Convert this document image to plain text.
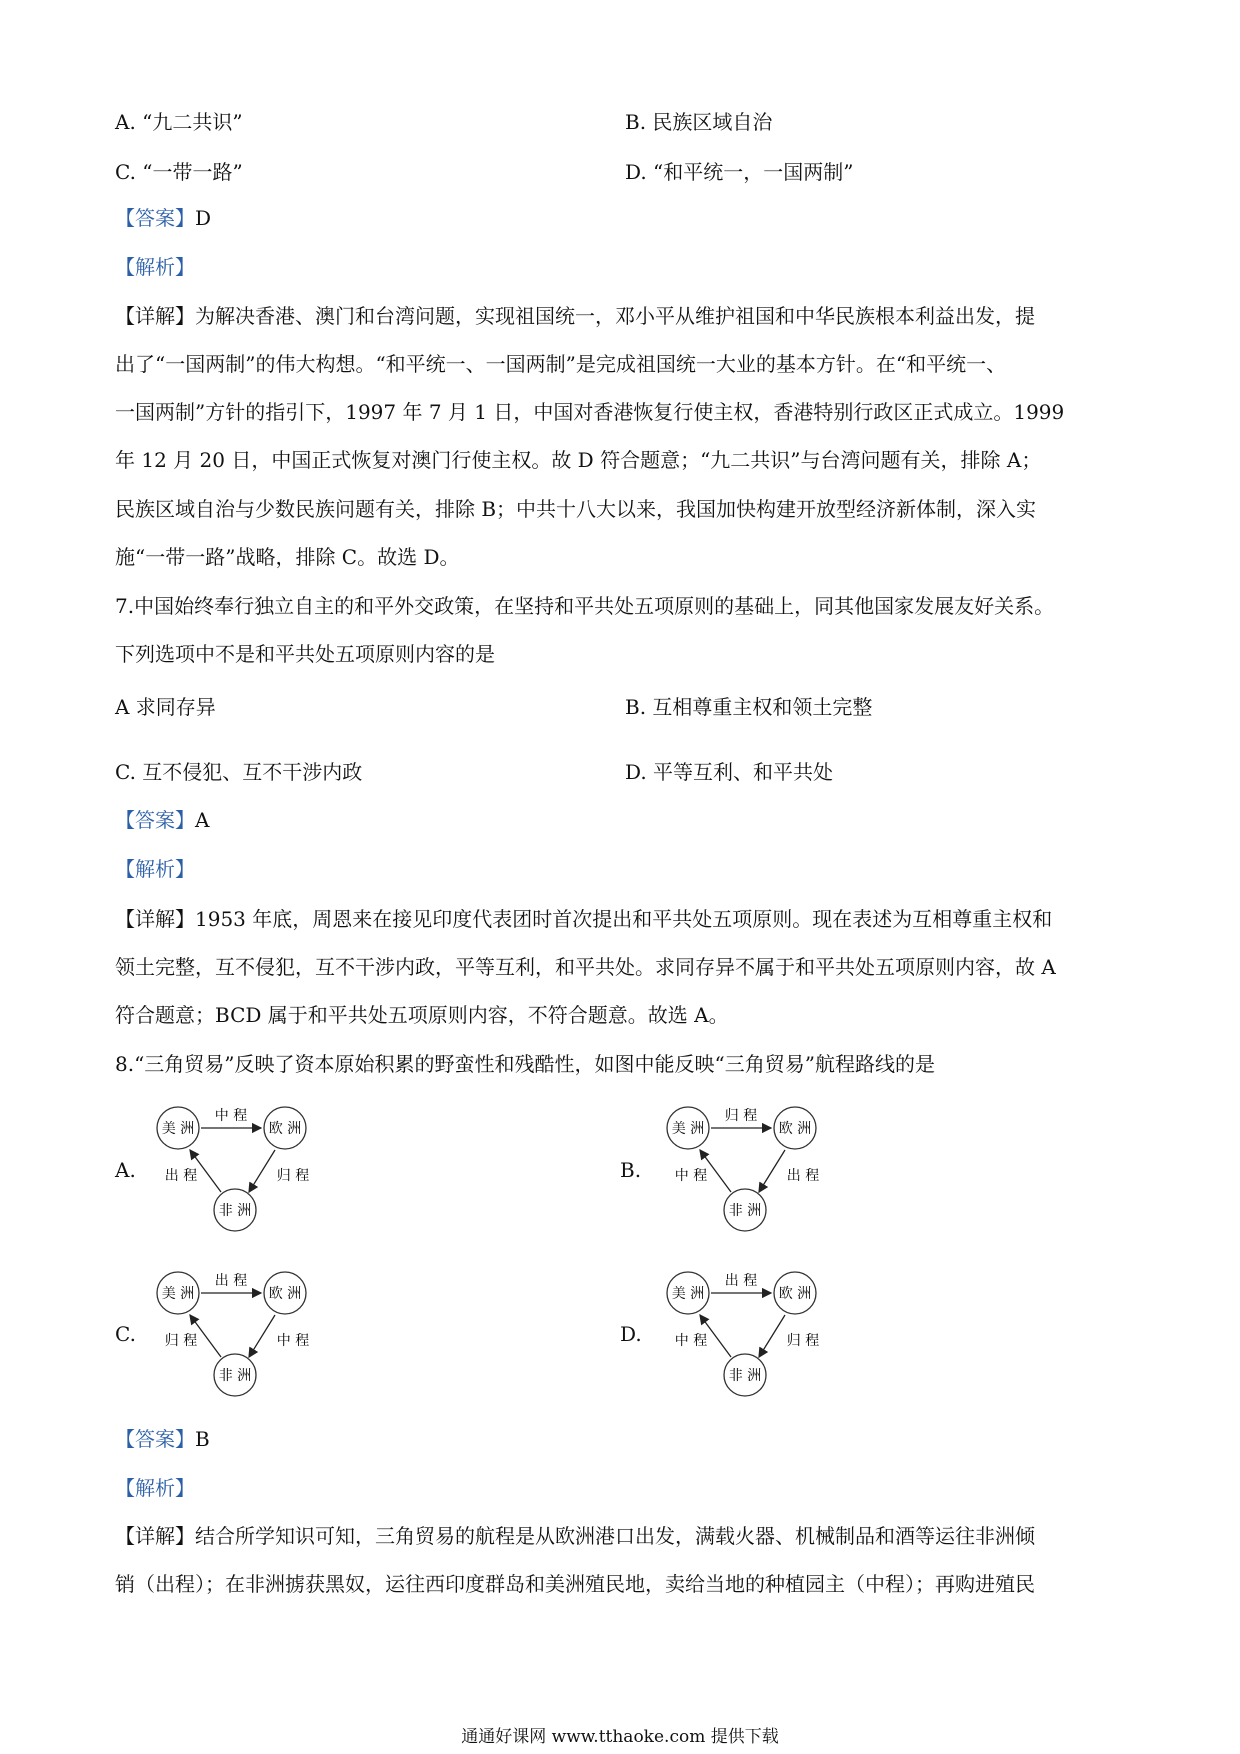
A. “九二共识”	B. 民族区域自治
C. “一带一路”	D. “和平统一，一国两制”
【答案】D
【解析】
【详解】为解决香港、澳门和台湾问题，实现祖国统一，邓小平从维护祖国和中华民族根本利益出发，提
出了“一国两制”的伟大构想。“和平统一、一国两制”是完成祖国统一大业的基本方针。在“和平统一、
一国两制”方针的指引下，1997 年 7 月 1 日，中国对香港恢复行使主权，香港特别行政区正式成立。1999
年 12 月 20 日，中国正式恢复对澳门行使主权。故 D 符合题意；“九二共识”与台湾问题有关，排除 A；
民族区域自治与少数民族问题有关，排除 B；中共十八大以来，我国加快构建开放型经济新体制，深入实
施“一带一路”战略，排除 C。故选 D。
7.中国始终奉行独立自主的和平外交政策，在坚持和平共处五项原则的基础上，同其他国家发展友好关系。
下列选项中不是和平共处五项原则内容的是
A 求同存异	B. 互相尊重主权和领土完整
C. 互不侵犯、互不干涉内政	D. 平等互利、和平共处
【答案】A
【解析】
【详解】1953 年底，周恩来在接见印度代表团时首次提出和平共处五项原则。现在表述为互相尊重主权和
领土完整，互不侵犯，互不干涉内政，平等互利，和平共处。求同存异不属于和平共处五项原则内容，故 A
符合题意；BCD 属于和平共处五项原则内容，不符合题意。故选 A。
8.“三角贸易”反映了资本原始积累的野蛮性和残酷性，如图中能反映“三角贸易”航程路线的是
A.	B.
C.	D.
美 洲	欧 洲
非 洲
中 程
出 程	归 程
美 洲	欧 洲
非 洲
归 程
中 程	出 程
美 洲	欧 洲
非 洲
出 程
归 程	中 程
美 洲	欧 洲
非 洲
出 程
中 程	归 程
【答案】B
【解析】
【详解】结合所学知识可知，三角贸易的航程是从欧洲港口出发，满载火器、机械制品和酒等运往非洲倾
销（出程）；在非洲掳获黑奴，运往西印度群岛和美洲殖民地，卖给当地的种植园主（中程）；再购进殖民
通通好课网 www.tthaoke.com 提供下载
